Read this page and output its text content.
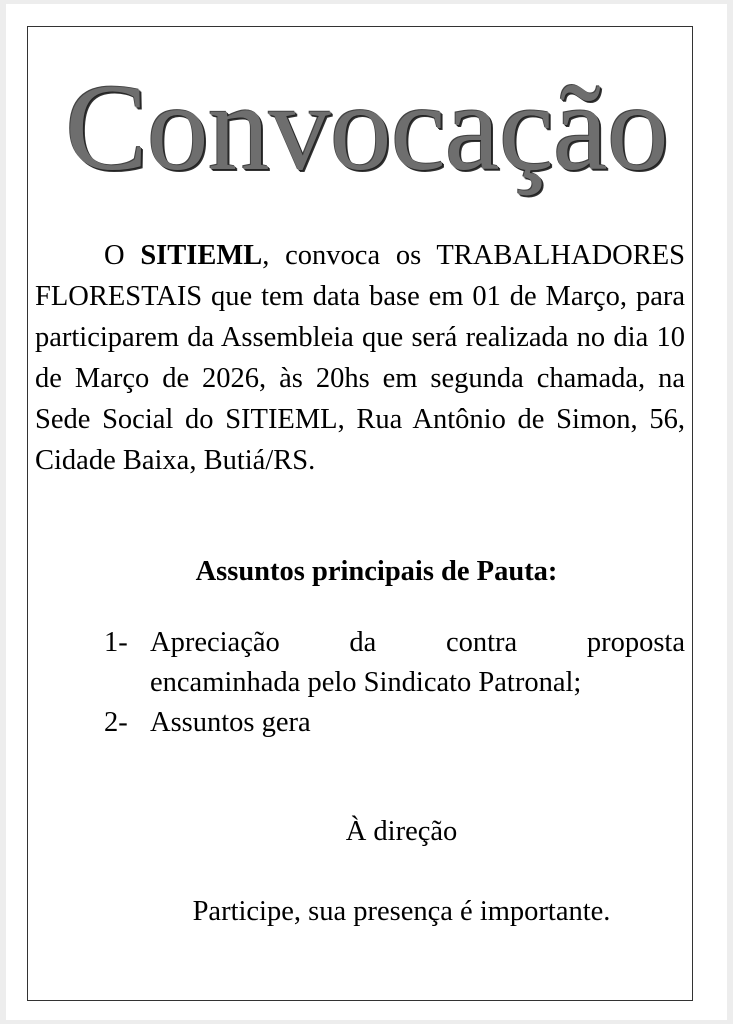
Convocação

O SITIEML, convoca os TRABALHADORES FLORESTAIS que tem data base em 01 de Março, para participarem da Assembleia que será realizada no dia 10 de Março de 2026, às 20hs em segunda chamada, na Sede Social do SITIEML, Rua Antônio de Simon, 56, Cidade Baixa, Butiá/RS.

Assuntos principais de Pauta:

1- Apreciação da contra proposta
encaminhada pelo Sindicato Patronal;
2- Assuntos gera

À direção

Participe, sua presença é importante.
